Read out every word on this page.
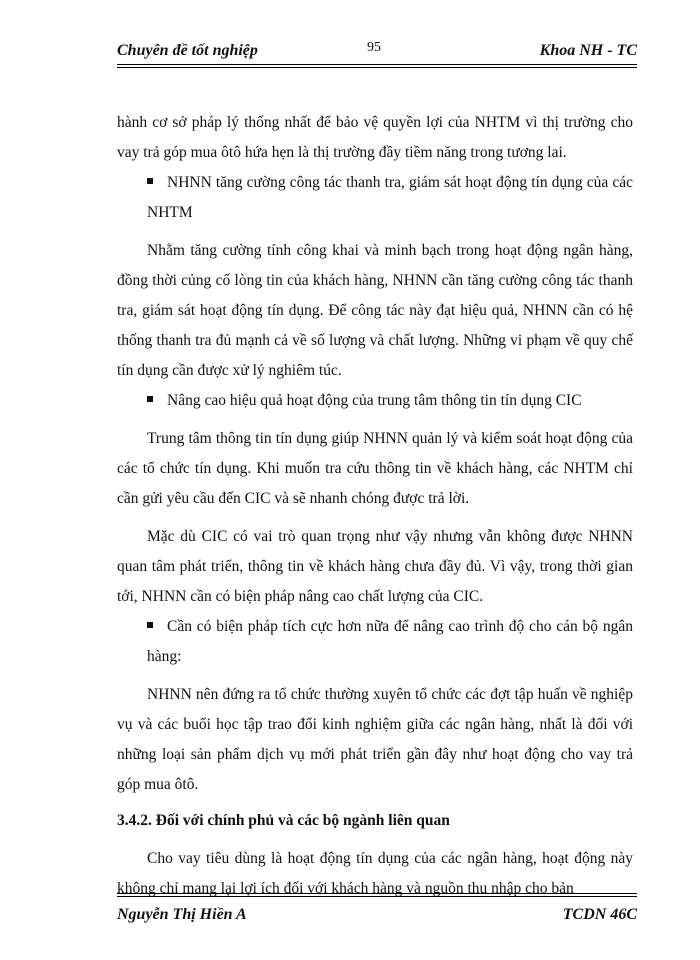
Chuyên đề tốt nghiệp	95	Khoa NH - TC

hành cơ sở pháp lý thống nhất để bảo vệ quyền lợi của NHTM vì thị trường cho vay trả góp mua ôtô hứa hẹn là thị trường đầy tiềm năng trong tương lai.

NHNN tăng cường công tác thanh tra, giám sát hoạt động tín dụng của các NHTM

Nhằm tăng cường tính công khai và minh bạch trong hoạt động ngân hàng, đồng thời củng cố lòng tin của khách hàng, NHNN cần tăng cường công tác thanh tra, giám sát hoạt động tín dụng. Để công tác này đạt hiệu quả, NHNN cần có hệ thống thanh tra đủ mạnh cả về số lượng và chất lượng. Những vi phạm về quy chế tín dụng cần được xử lý nghiêm túc.

Nâng cao hiệu quả hoạt động của trung tâm thông tin tín dụng CIC

Trung tâm thông tin tín dụng giúp NHNN quản lý và kiểm soát hoạt động của các tổ chức tín dụng. Khi muốn tra cứu thông tin về khách hàng, các NHTM chỉ cần gửi yêu cầu đến CIC và sẽ nhanh chóng được trả lời.

Mặc dù CIC có vai trò quan trọng như vậy nhưng vẫn không được NHNN quan tâm phát triển, thông tin về khách hàng chưa đầy đủ. Vì vậy, trong thời gian tới, NHNN cần có biện pháp nâng cao chất lượng của CIC.

Cần có biện pháp tích cực hơn nữa để nâng cao trình độ cho cán bộ ngân hàng:

NHNN nên đứng ra tổ chức thường xuyên tổ chức các đợt tập huấn về nghiệp vụ và các buổi học tập trao đổi kinh nghiệm giữa các ngân hàng, nhất là đối với những loại sản phẩm dịch vụ mới phát triển gần đây như hoạt động cho vay trả góp mua ôtô.

3.4.2. Đối với chính phủ và các bộ ngành liên quan

Cho vay tiêu dùng là hoạt động tín dụng của các ngân hàng, hoạt động này không chỉ mang lại lợi ích đối với khách hàng và nguồn thu nhập cho bản

Nguyễn Thị Hiền A	TCDN 46C
